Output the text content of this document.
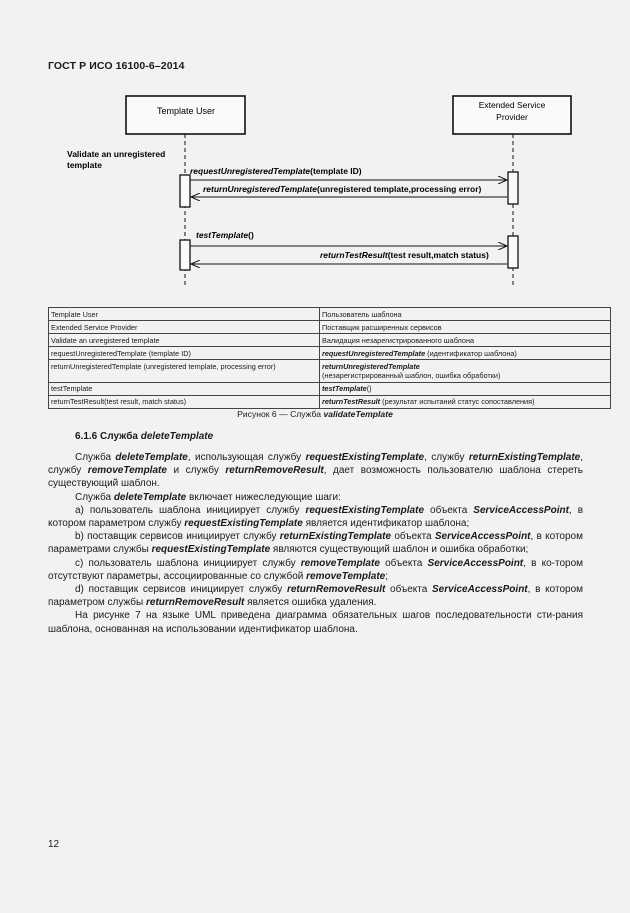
ГОСТ Р ИСО 16100-6–2014
Template User
Extended Service
Provider
Validate an unregistered
template
requestUnregisteredTemplate(template ID)
returnUnregisteredTemplate(unregistered template,processing error)
testTemplate()
returnTestResult(test result,match status)
Template User	Пользователь шаблона
Extended Service Provider	Поставщик расширенных сервисов
Validate an unregistered template	Валидация незарегистрированного шаблона
requestUnregisteredTemplate (template ID)	requestUnregisteredTemplate (идентификатор шаблона)
returnUnregisteredTemplate (unregistered template, processing error)	returnUnregisteredTemplate
(незарегистрированный шаблон, ошибка обработки)
testTemplate	testTemplate()
returnTestResult(test result, match status)	returnTestResult (результат испытаний статус сопоставления)
Рисунок 6 — Служба validateTemplate
6.1.6 Служба deleteTemplate

Служба deleteTemplate, использующая службу requestExistingTemplate, службу returnExistingTemplate, службу removeTemplate и службу returnRemoveResult, дает возможность пользователю шаблона стереть существующий шаблон.

Служба deleteTemplate включает нижеследующие шаги:

a) пользователь шаблона инициирует службу requestExistingTemplate объекта ServiceAccessPoint, в котором параметром службу requestExistingTemplate является идентификатор шаблона;

b) поставщик сервисов инициирует службу returnExistingTemplate объекта ServiceAccessPoint, в котором параметрами службы requestExistingTemplate являются существующий шаблон и ошибка обработки;

c) пользователь шаблона инициирует службу removeTemplate объекта ServiceAccessPoint, в ко-тором отсутствуют параметры, ассоциированные со службой removeTemplate;

d) поставщик сервисов инициирует службу returnRemoveResult объекта ServiceAccessPoint, в котором параметром службы returnRemoveResult является ошибка удаления.

На рисунке 7 на языке UML приведена диаграмма обязательных шагов последовательности сти-рания шаблона, основанная на использовании идентификатор шаблона.

12
